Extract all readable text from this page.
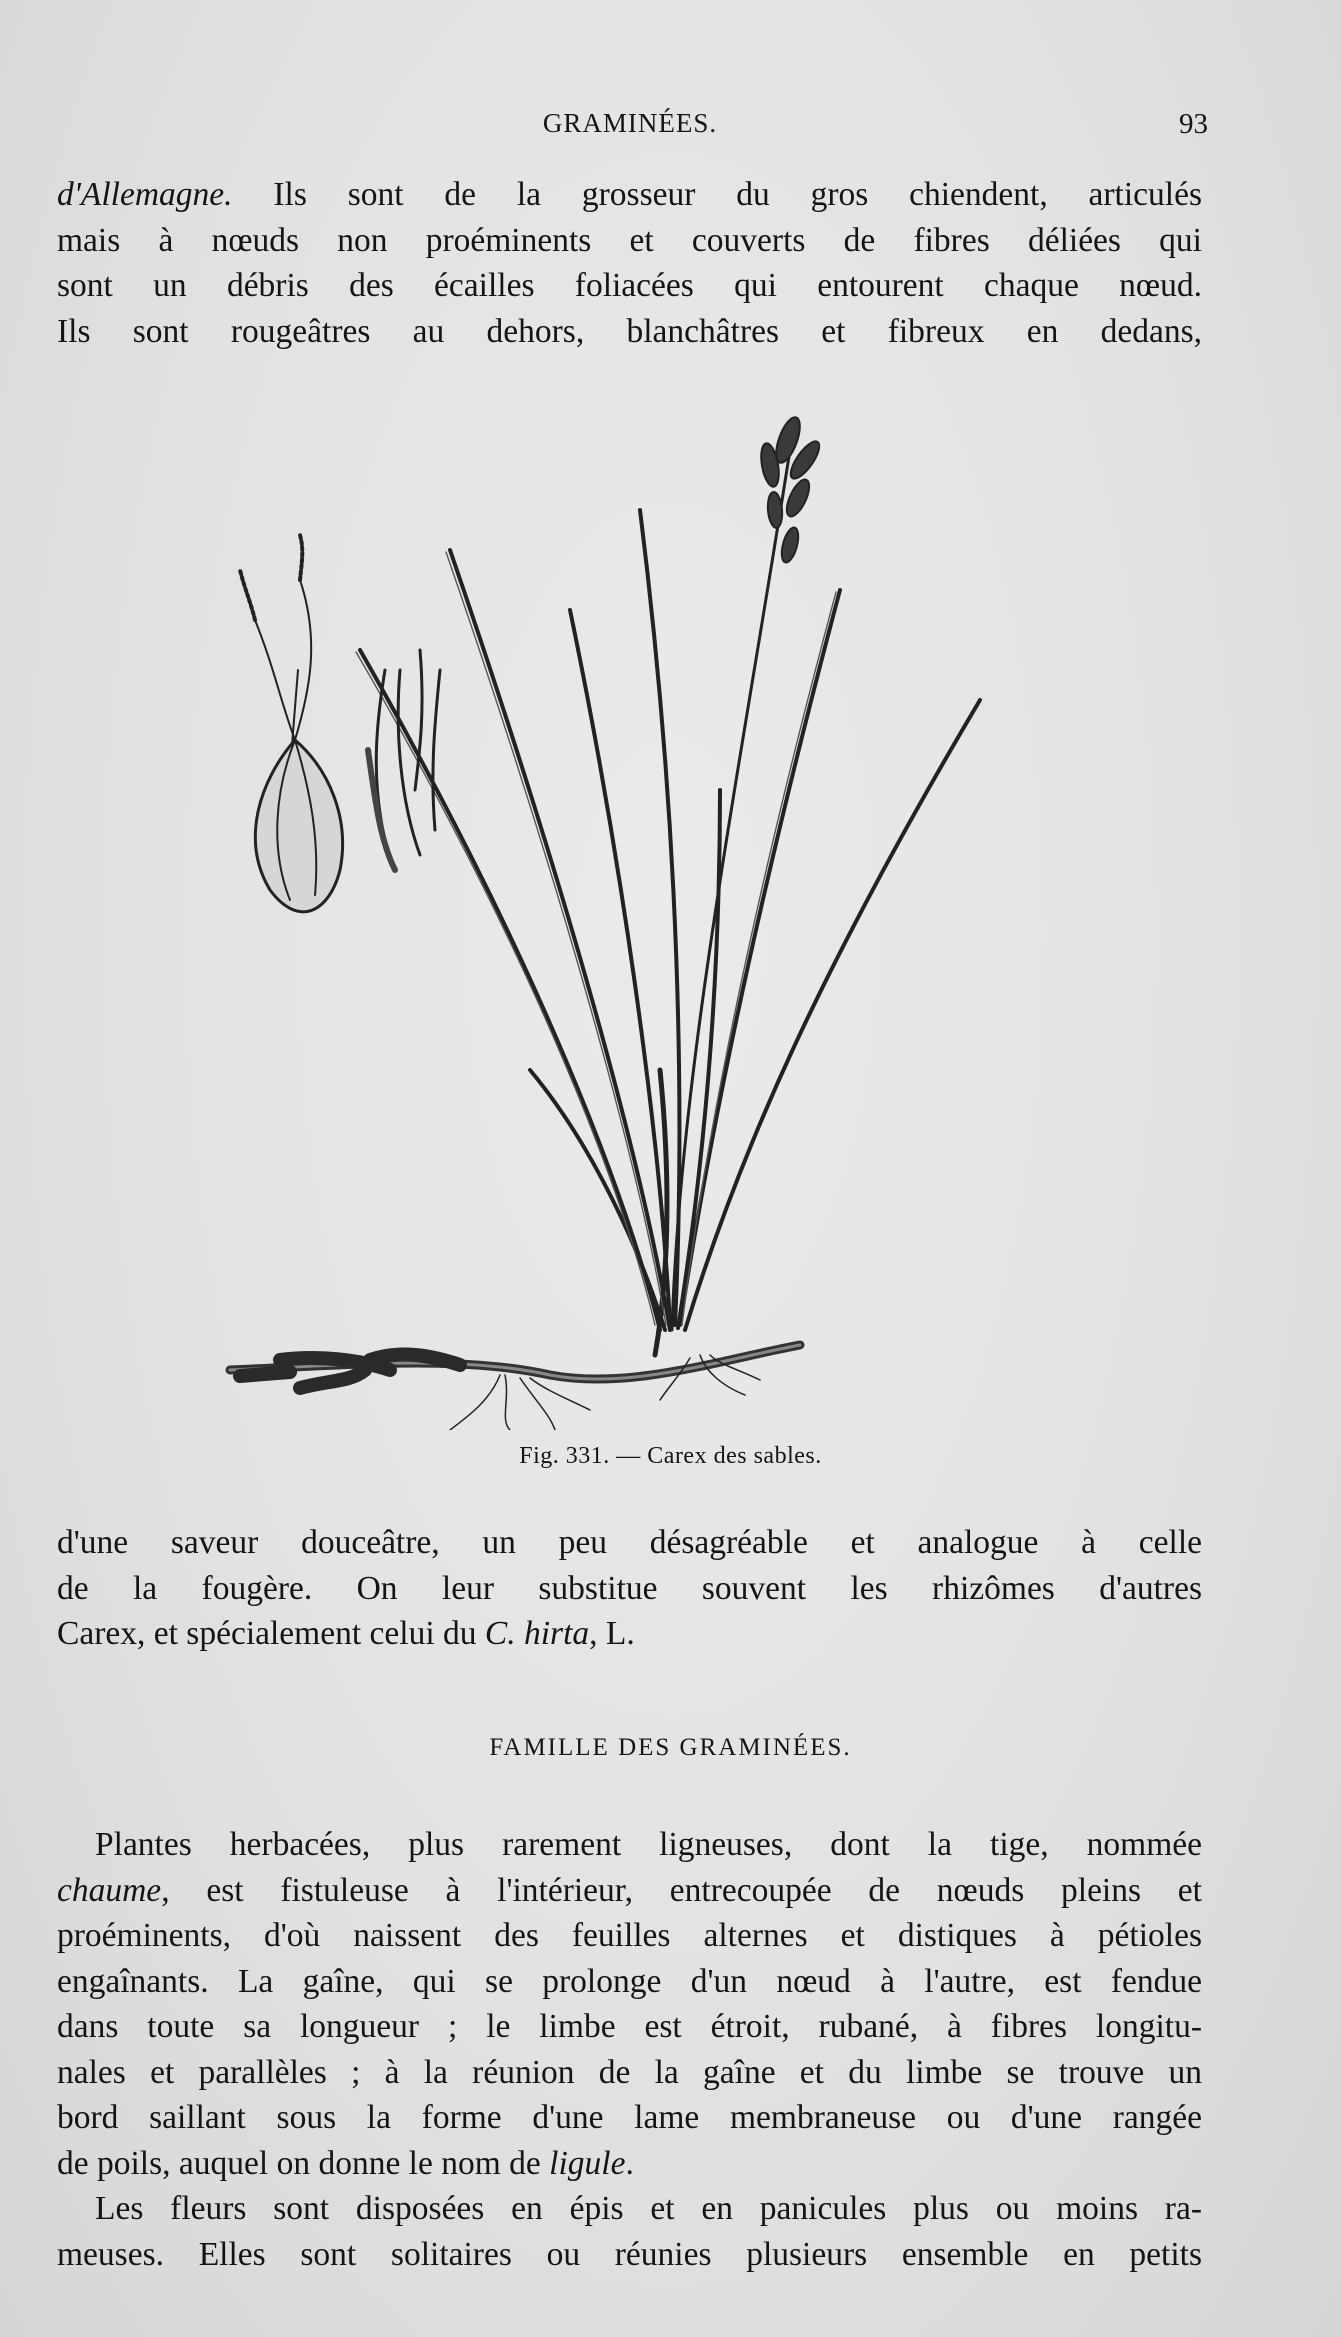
GRAMINÉES.	93
d'Allemagne. Ils sont de la grosseur du gros chiendent, articulés
mais à nœuds non proéminents et couverts de fibres déliées qui
sont un débris des écailles foliacées qui entourent chaque nœud.
Ils sont rougeâtres au dehors, blanchâtres et fibreux en dedans,
Fig. 331. — Carex des sables.
d'une saveur douceâtre, un peu désagréable et analogue à celle
de la fougère. On leur substitue souvent les rhizômes d'autres
Carex, et spécialement celui du C. hirta, L.
FAMILLE DES GRAMINÉES.
Plantes herbacées, plus rarement ligneuses, dont la tige, nommée
chaume, est fistuleuse à l'intérieur, entrecoupée de nœuds pleins et
proéminents, d'où naissent des feuilles alternes et distiques à pétioles
engaînants. La gaîne, qui se prolonge d'un nœud à l'autre, est fendue
dans toute sa longueur ; le limbe est étroit, rubané, à fibres longitu-
nales et parallèles ; à la réunion de la gaîne et du limbe se trouve un
bord saillant sous la forme d'une lame membraneuse ou d'une rangée
de poils, auquel on donne le nom de ligule.
Les fleurs sont disposées en épis et en panicules plus ou moins ra-
meuses. Elles sont solitaires ou réunies plusieurs ensemble en petits
